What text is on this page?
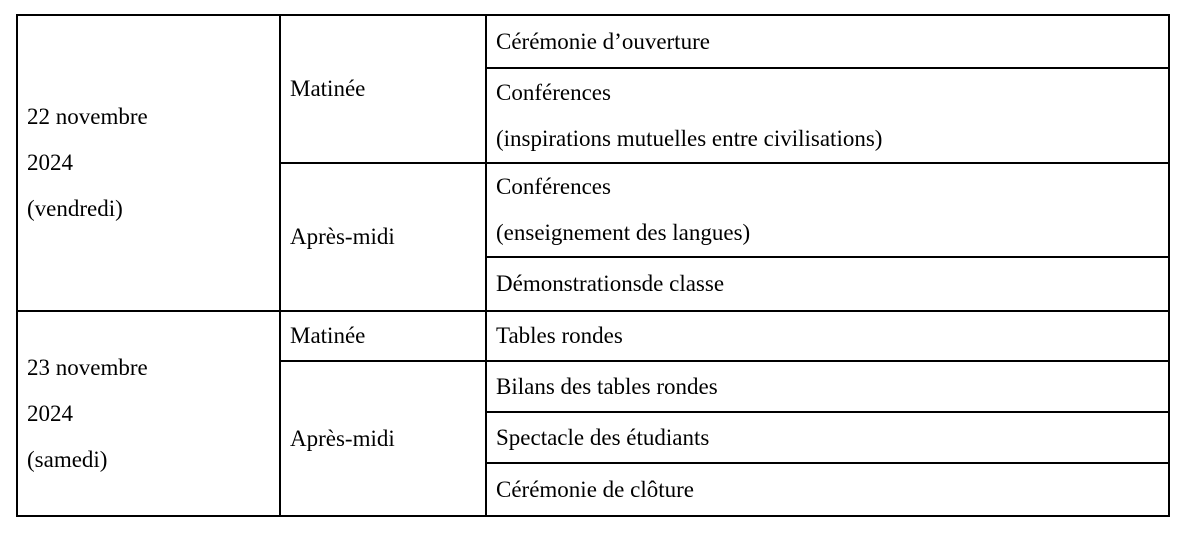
22 novembre
2024
(vendredi)	Matinée	Cérémonie d’ouverture

		Conférences
(inspirations mutuelles entre civilisations)

	Après-midi	Conférences
(enseignement des langues)

		Démonstrationsde classe

23 novembre
2024
(samedi)	Matinée	Tables rondes

	Après-midi	Bilans des tables rondes

		Spectacle des étudiants

		Cérémonie de clôture
